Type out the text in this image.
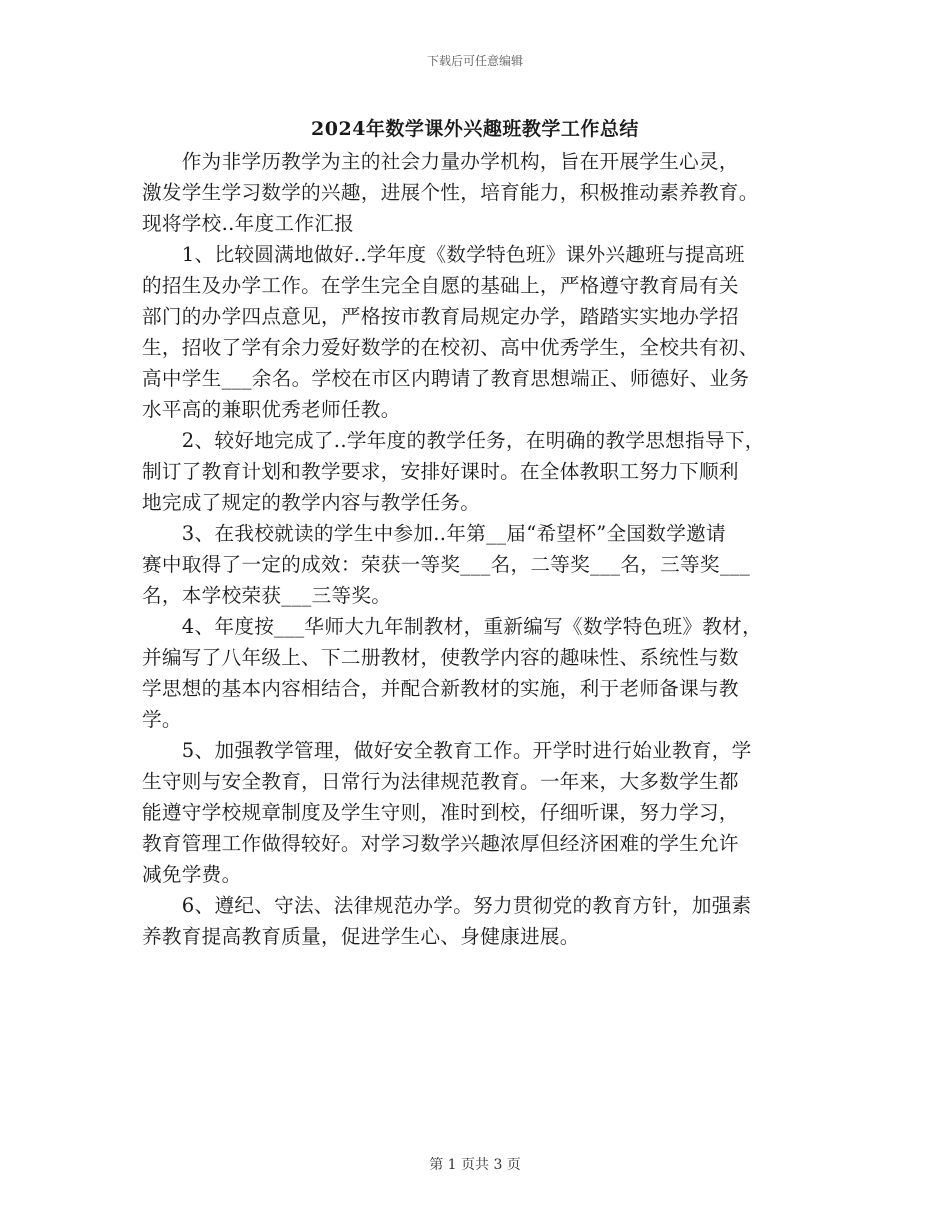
下载后可任意编辑
2024年数学课外兴趣班教学工作总结
　　作为非学历教学为主的社会力量办学机构，旨在开展学生心灵，
激发学生学习数学的兴趣，进展个性，培育能力，积极推动素养教育。
现将学校..年度工作汇报
　　1、比较圆满地做好..学年度《数学特色班》课外兴趣班与提高班
的招生及办学工作。在学生完全自愿的基础上，严格遵守教育局有关
部门的办学四点意见，严格按市教育局规定办学，踏踏实实地办学招
生，招收了学有余力爱好数学的在校初、高中优秀学生，全校共有初、
高中学生___余名。学校在市区内聘请了教育思想端正、师德好、业务
水平高的兼职优秀老师任教。
　　2、较好地完成了..学年度的教学任务，在明确的教学思想指导下，
制订了教育计划和教学要求，安排好课时。在全体教职工努力下顺利
地完成了规定的教学内容与教学任务。
　　3、在我校就读的学生中参加..年第__届“希望杯”全国数学邀请
赛中取得了一定的成效：荣获一等奖___名，二等奖___名，三等奖___
名，本学校荣获___三等奖。
　　4、年度按___华师大九年制教材，重新编写《数学特色班》教材，
并编写了八年级上、下二册教材，使教学内容的趣味性、系统性与数
学思想的基本内容相结合，并配合新教材的实施，利于老师备课与教
学。
　　5、加强教学管理，做好安全教育工作。开学时进行始业教育，学
生守则与安全教育，日常行为法律规范教育。一年来，大多数学生都
能遵守学校规章制度及学生守则，准时到校，仔细听课，努力学习，
教育管理工作做得较好。对学习数学兴趣浓厚但经济困难的学生允许
减免学费。
　　6、遵纪、守法、法律规范办学。努力贯彻党的教育方针，加强素
养教育提高教育质量，促进学生心、身健康进展。
第 1 页共 3 页
